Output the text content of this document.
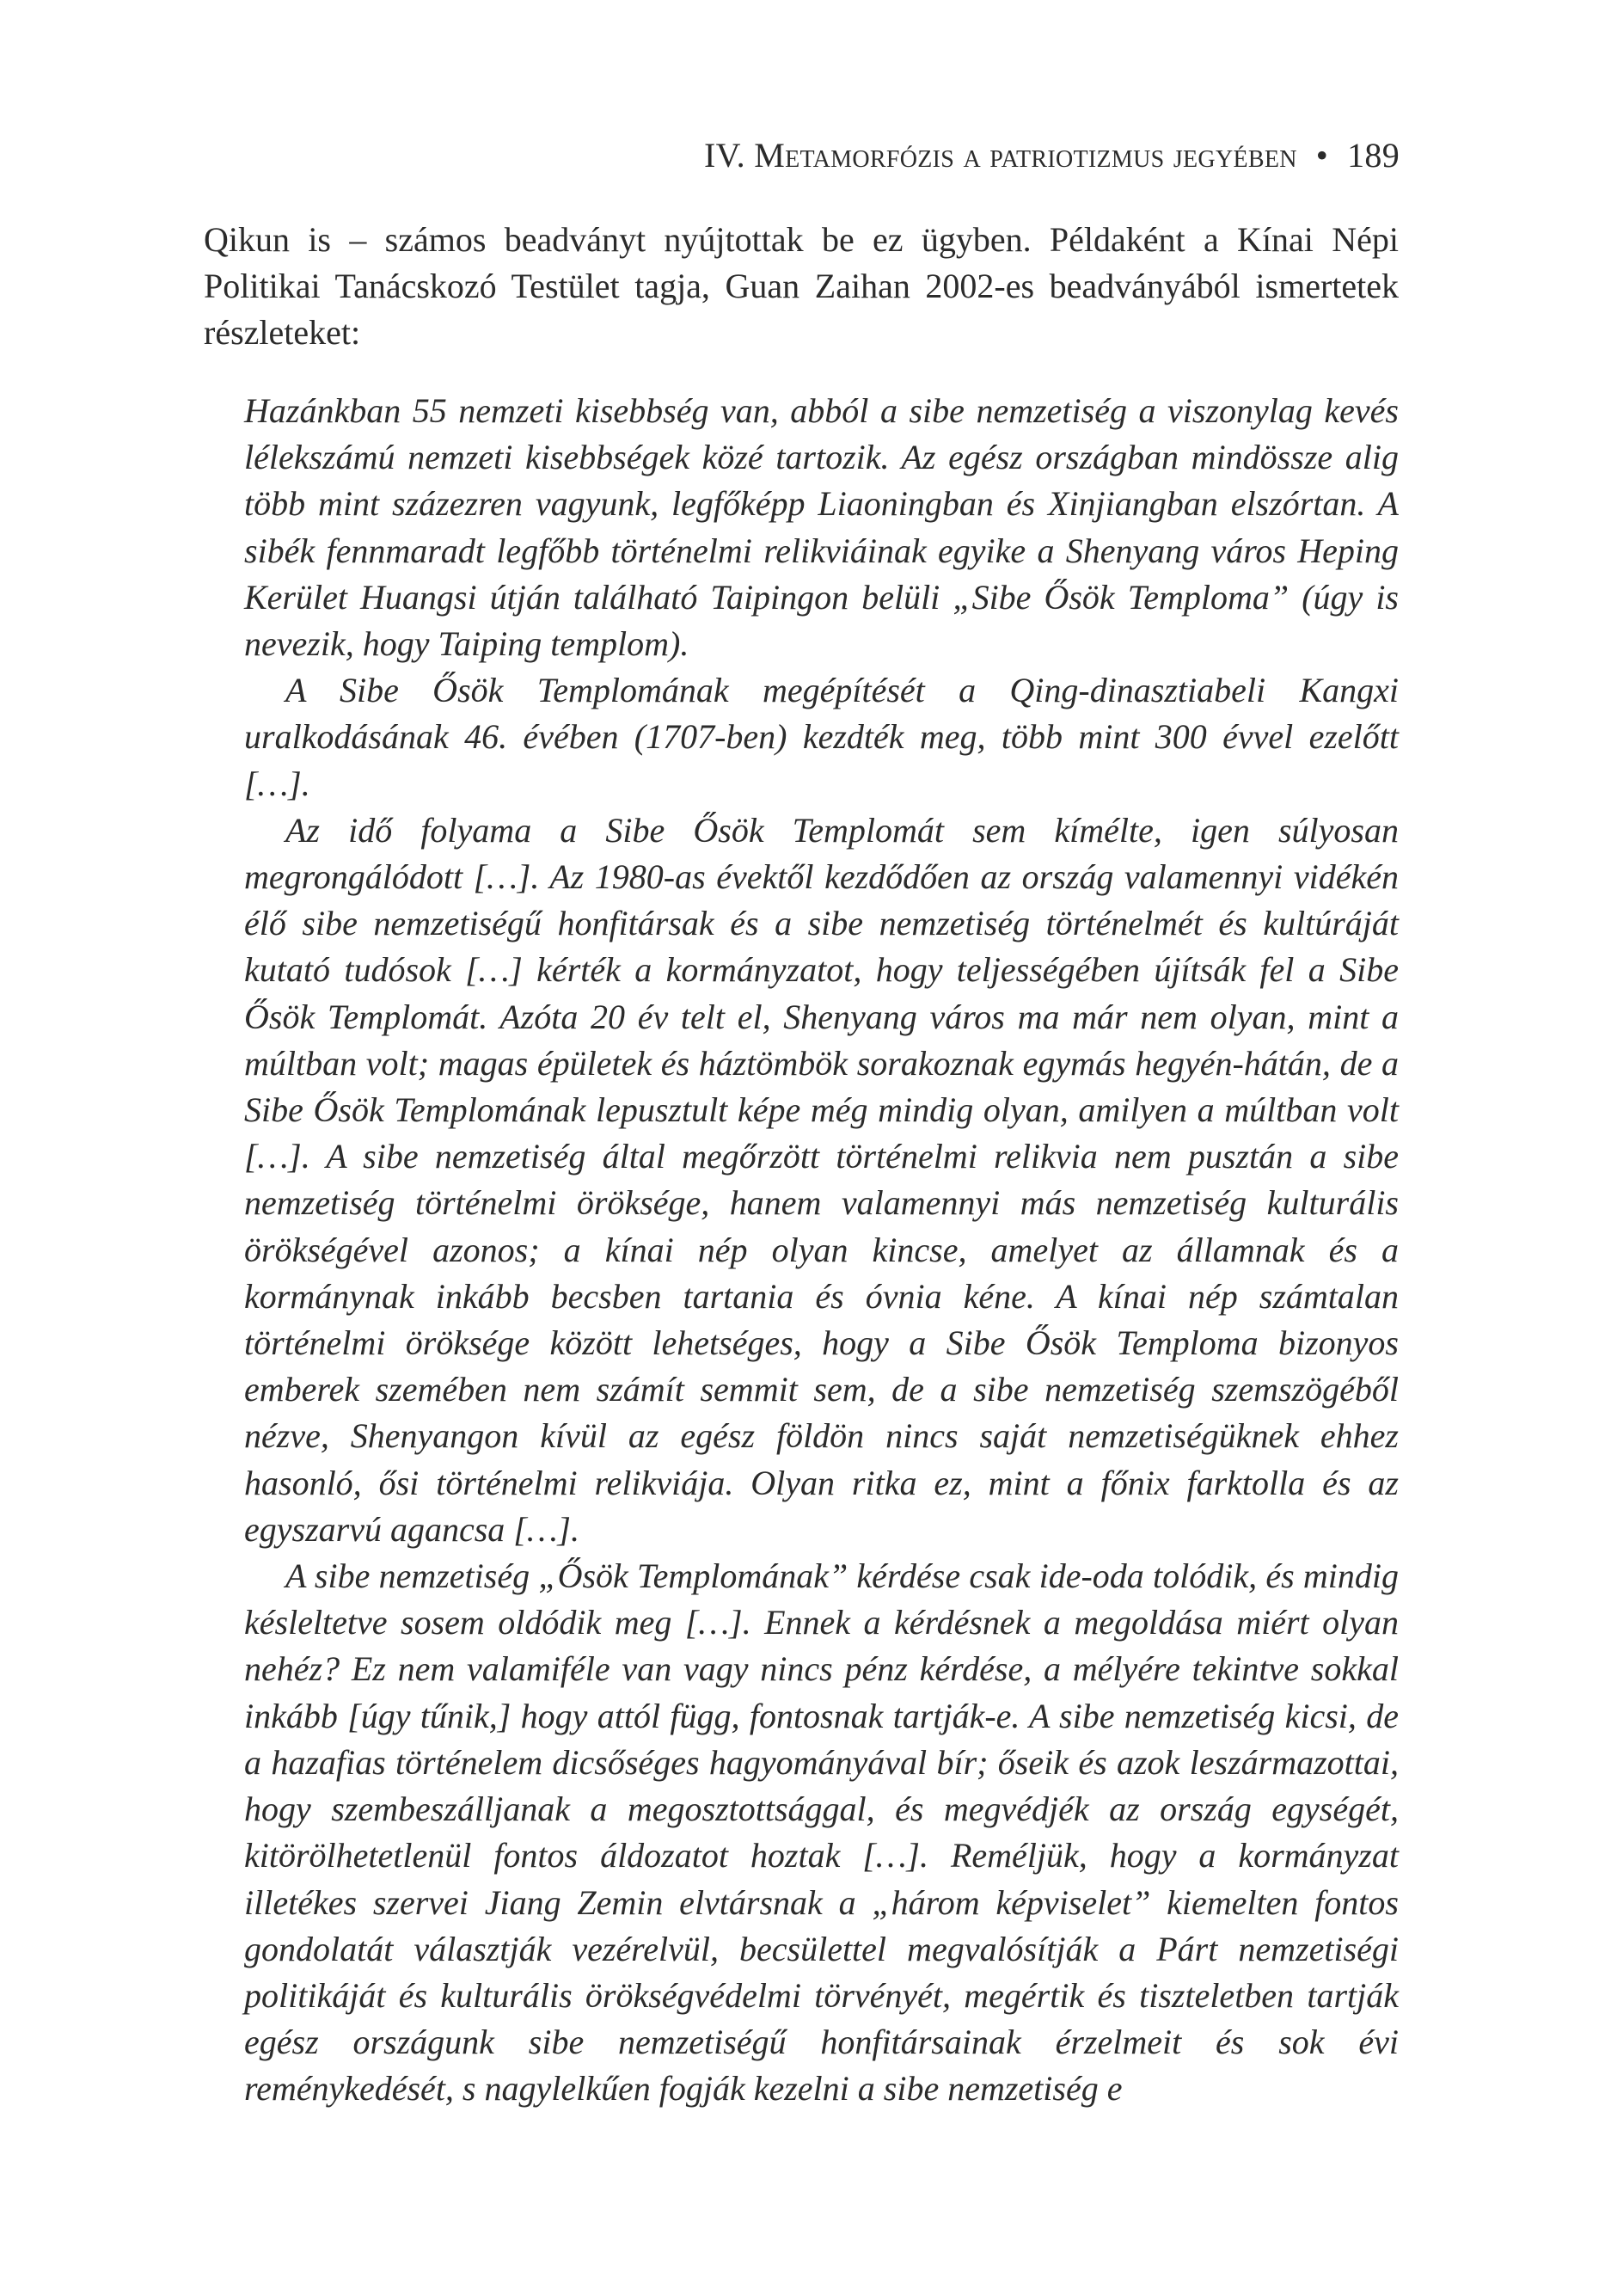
IV. Metamorfózis a patriotizmus jegyében • 189

Qikun is – számos beadványt nyújtottak be ez ügyben. Példaként a Kínai Népi Politikai Tanácskozó Testület tagja, Guan Zaihan 2002-es beadványából ismertetek részleteket:

Hazánkban 55 nemzeti kisebbség van, abból a sibe nemzetiség a viszonylag kevés lélekszámú nemzeti kisebbségek közé tartozik. Az egész országban mindössze alig több mint százezren vagyunk, legfőképp Liaoningban és Xinjiangban elszórtan. A sibék fennmaradt legfőbb történelmi relikviáinak egyike a Shenyang város Heping Kerület Huangsi útján található Taipingon belüli „Sibe Ősök Temploma” (úgy is nevezik, hogy Taiping templom).

A Sibe Ősök Templomának megépítését a Qing-dinasztiabeli Kangxi uralkodásának 46. évében (1707-ben) kezdték meg, több mint 300 évvel ezelőtt […].

Az idő folyama a Sibe Ősök Templomát sem kímélte, igen súlyosan megrongálódott […]. Az 1980-as évektől kezdődően az ország valamennyi vidékén élő sibe nemzetiségű honfitársak és a sibe nemzetiség történelmét és kultúráját kutató tudósok […] kérték a kormányzatot, hogy teljességében újítsák fel a Sibe Ősök Templomát. Azóta 20 év telt el, Shenyang város ma már nem olyan, mint a múltban volt; magas épületek és háztömbök sorakoznak egymás hegyén-hátán, de a Sibe Ősök Templomának lepusztult képe még mindig olyan, amilyen a múltban volt […]. A sibe nemzetiség által megőrzött történelmi relikvia nem pusztán a sibe nemzetiség történelmi öröksége, hanem valamennyi más nemzetiség kulturális örökségével azonos; a kínai nép olyan kincse, amelyet az államnak és a kormánynak inkább becsben tartania és óvnia kéne. A kínai nép számtalan történelmi öröksége között lehetséges, hogy a Sibe Ősök Temploma bizonyos emberek szemében nem számít semmit sem, de a sibe nemzetiség szemszögéből nézve, Shenyangon kívül az egész földön nincs saját nemzetiségüknek ehhez hasonló, ősi történelmi relikviája. Olyan ritka ez, mint a főnix farktolla és az egyszarvú agancsa […].

A sibe nemzetiség „Ősök Templomának” kérdése csak ide-oda tolódik, és mindig késleltetve sosem oldódik meg […]. Ennek a kérdésnek a megoldása miért olyan nehéz? Ez nem valamiféle van vagy nincs pénz kérdése, a mélyére tekintve sokkal inkább [úgy tűnik,] hogy attól függ, fontosnak tartják-e. A sibe nemzetiség kicsi, de a hazafias történelem dicsőséges hagyományával bír; őseik és azok leszármazottai, hogy szembeszálljanak a megosztottsággal, és megvédjék az ország egységét, kitörölhetetlenül fontos áldozatot hoztak […]. Reméljük, hogy a kormányzat illetékes szervei Jiang Zemin elvtársnak a „három képviselet” kiemelten fontos gondolatát választják vezérelvül, becsülettel megvalósítják a Párt nemzetiségi politikáját és kulturális örökségvédelmi törvényét, megértik és tiszteletben tartják egész országunk sibe nemzetiségű honfitársainak érzelmeit és sok évi reménykedését, s nagylelkűen fogják kezelni a sibe nemzetiség e
